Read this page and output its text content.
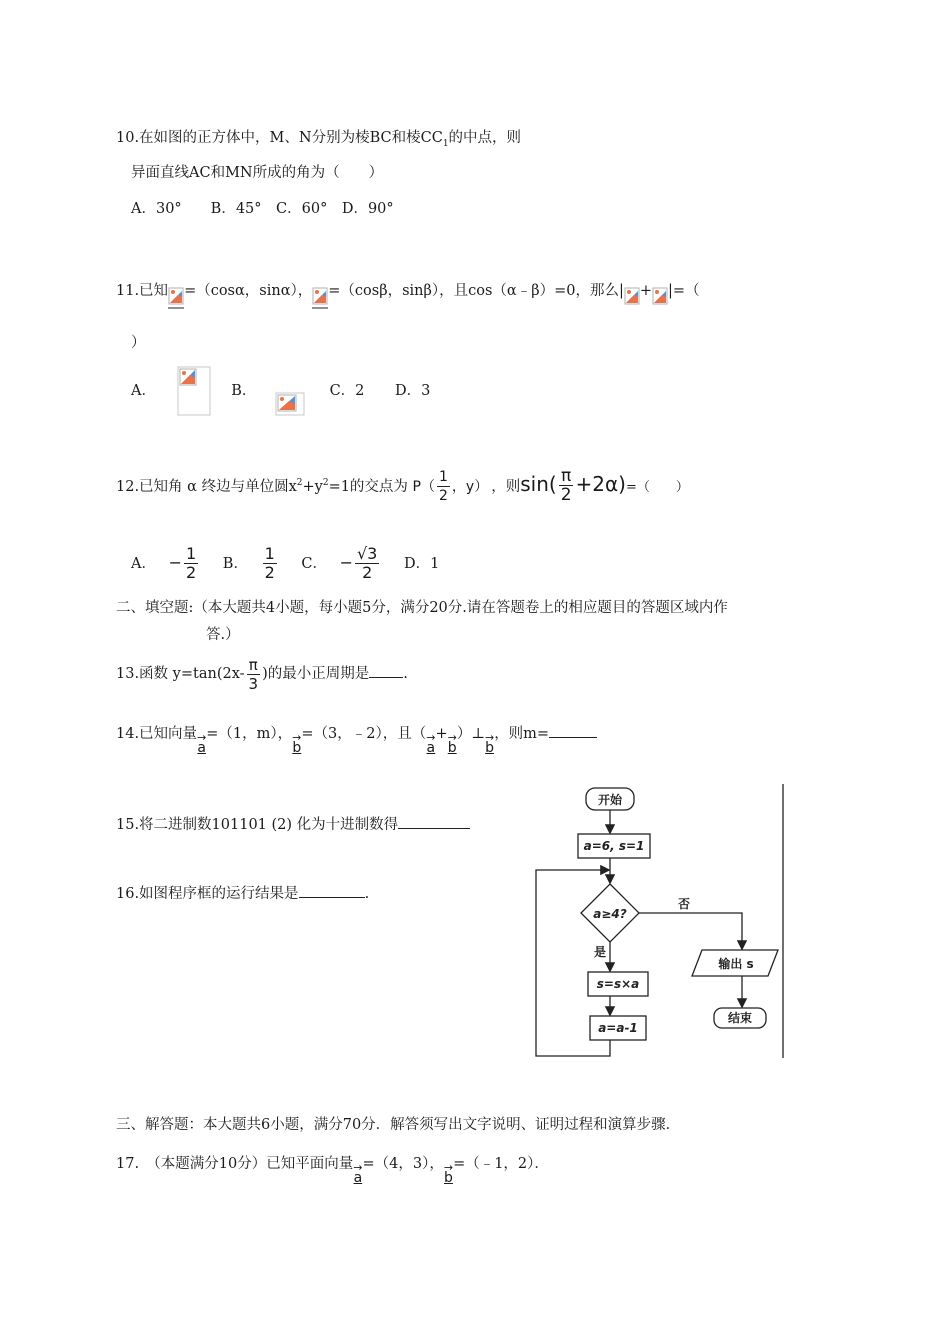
10.在如图的正方体中，M、N分别为棱BC和棱$CC_1$的中点，则
异面直线AC和MN所成的角为（　　）
A．30°　　B．45°　C．60°　D．90°
11.已知 =（cosα，sinα）， =（cosβ，sinβ），且cos（α﹣β）=0，那么| + |=（
）
A．	B．	C．2 D．3
12.已知角 α 终边与单位圆$x^2+y^2=1$的交点为 $P( \frac{1}{2}$ ，y） ，则$\sin( \frac{\pi}{2} +2\alpha)=$（　　）
A． − $\frac{1}{2}$ B． $\frac{1}{2}$ C． − $\frac{√3}{2}$ D．1
二、填空题:（本大题共4小题，每小题5分，满分20分.请在答题卷上的相应题目的答题区域内作
答.）
13.函数 $y=\tan(2x- \frac{\pi}{3}$ )的最小正周期是 .
14.已知向量 →
a
=（1，m）， →
b
=（3，﹣2），且（ →
a
+ →
b
）⊥ →
b
，则m=
15.将二进制数101101 (2) 化为十进制数得
16.如图程序框的运行结果是	.
开始
a=6, s=1
a≥4?
否
是
s=s×a
a=a-1
输出 s
结束
三、解答题：本大题共6小题，满分70分．解答须写出文字说明、证明过程和演算步骤．
17.　（本题满分10分）已知平面向量 →
a
=（4，3）， →
b
=（﹣1，2）．
